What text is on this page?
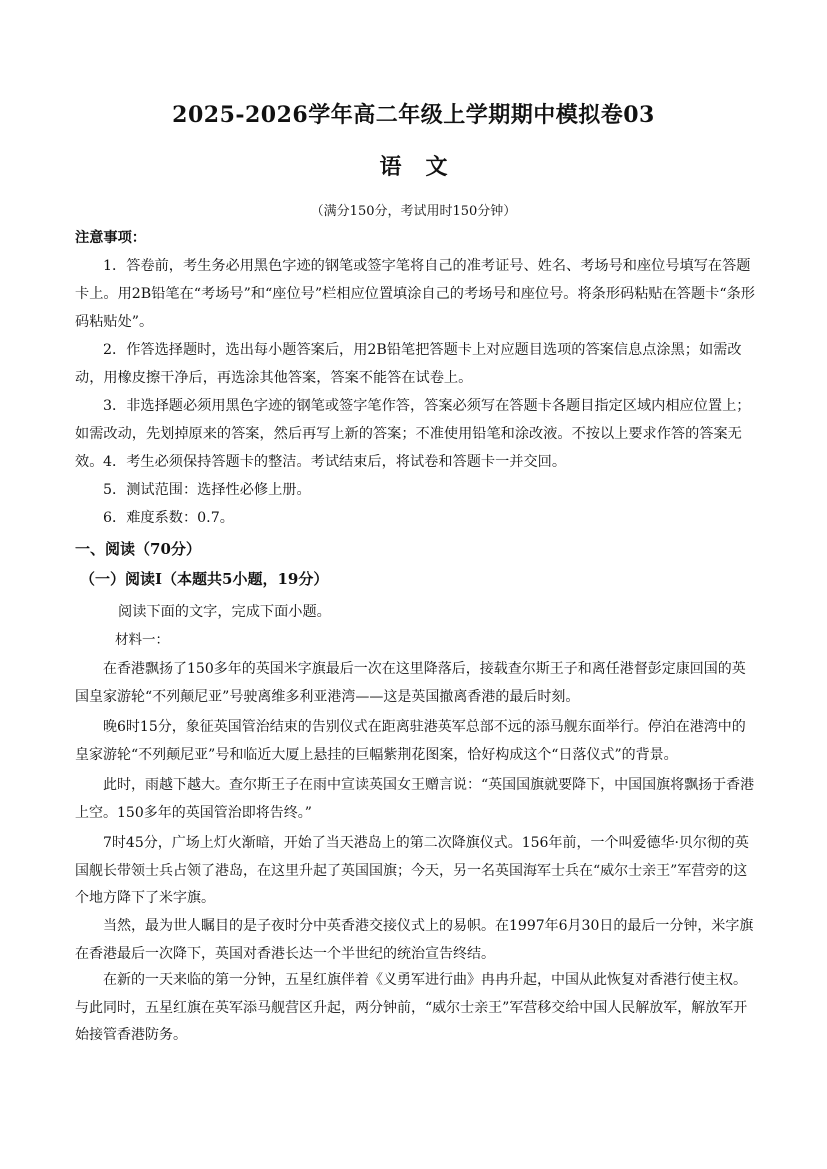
2025-2026学年高二年级上学期期中模拟卷03
语文
（满分150分，考试用时150分钟）

注意事项：

1．答卷前，考生务必用黑色字迹的钢笔或签字笔将自己的准考证号、姓名、考场号和座位号填写在答题卡上。用2B铅笔在“考场号”和“座位号”栏相应位置填涂自己的考场号和座位号。将条形码粘贴在答题卡“条形码粘贴处”。

2．作答选择题时，选出每小题答案后，用2B铅笔把答题卡上对应题目选项的答案信息点涂黑；如需改动，用橡皮擦干净后，再选涂其他答案，答案不能答在试卷上。

3．非选择题必须用黑色字迹的钢笔或签字笔作答，答案必须写在答题卡各题目指定区域内相应位置上；如需改动，先划掉原来的答案，然后再写上新的答案；不准使用铅笔和涂改液。不按以上要求作答的答案无效。 4．考生必须保持答题卡的整洁。考试结束后，将试卷和答题卡一并交回。

5．测试范围：选择性必修上册。

6．难度系数：0.7。

一、阅读（70分）
（一）阅读Ⅰ（本题共5小题，19分）

阅读下面的文字，完成下面小题。

材料一：

在香港飘扬了150多年的英国米字旗最后一次在这里降落后，接载查尔斯王子和离任港督彭定康回国的英国皇家游轮“不列颠尼亚”号驶离维多利亚港湾——这是英国撤离香港的最后时刻。

晚6时15分，象征英国管治结束的告别仪式在距离驻港英军总部不远的添马舰东面举行。停泊在港湾中的皇家游轮“不列颠尼亚”号和临近大厦上悬挂的巨幅紫荆花图案，恰好构成这个“日落仪式”的背景。

此时，雨越下越大。查尔斯王子在雨中宣读英国女王赠言说：“英国国旗就要降下，中国国旗将飘扬于香港上空。150多年的英国管治即将告终。”

7时45分，广场上灯火渐暗，开始了当天港岛上的第二次降旗仪式。156年前，一个叫爱德华·贝尔彻的英国舰长带领士兵占领了港岛，在这里升起了英国国旗；今天，另一名英国海军士兵在“威尔士亲王”军营旁的这个地方降下了米字旗。

当然，最为世人瞩目的是子夜时分中英香港交接仪式上的易帜。在1997年6月30日的最后一分钟，米字旗在香港最后一次降下，英国对香港长达一个半世纪的统治宣告终结。

在新的一天来临的第一分钟，五星红旗伴着《义勇军进行曲》冉冉升起，中国从此恢复对香港行使主权。与此同时，五星红旗在英军添马舰营区升起，两分钟前，“威尔士亲王”军营移交给中国人民解放军，解放军开始接管香港防务。
